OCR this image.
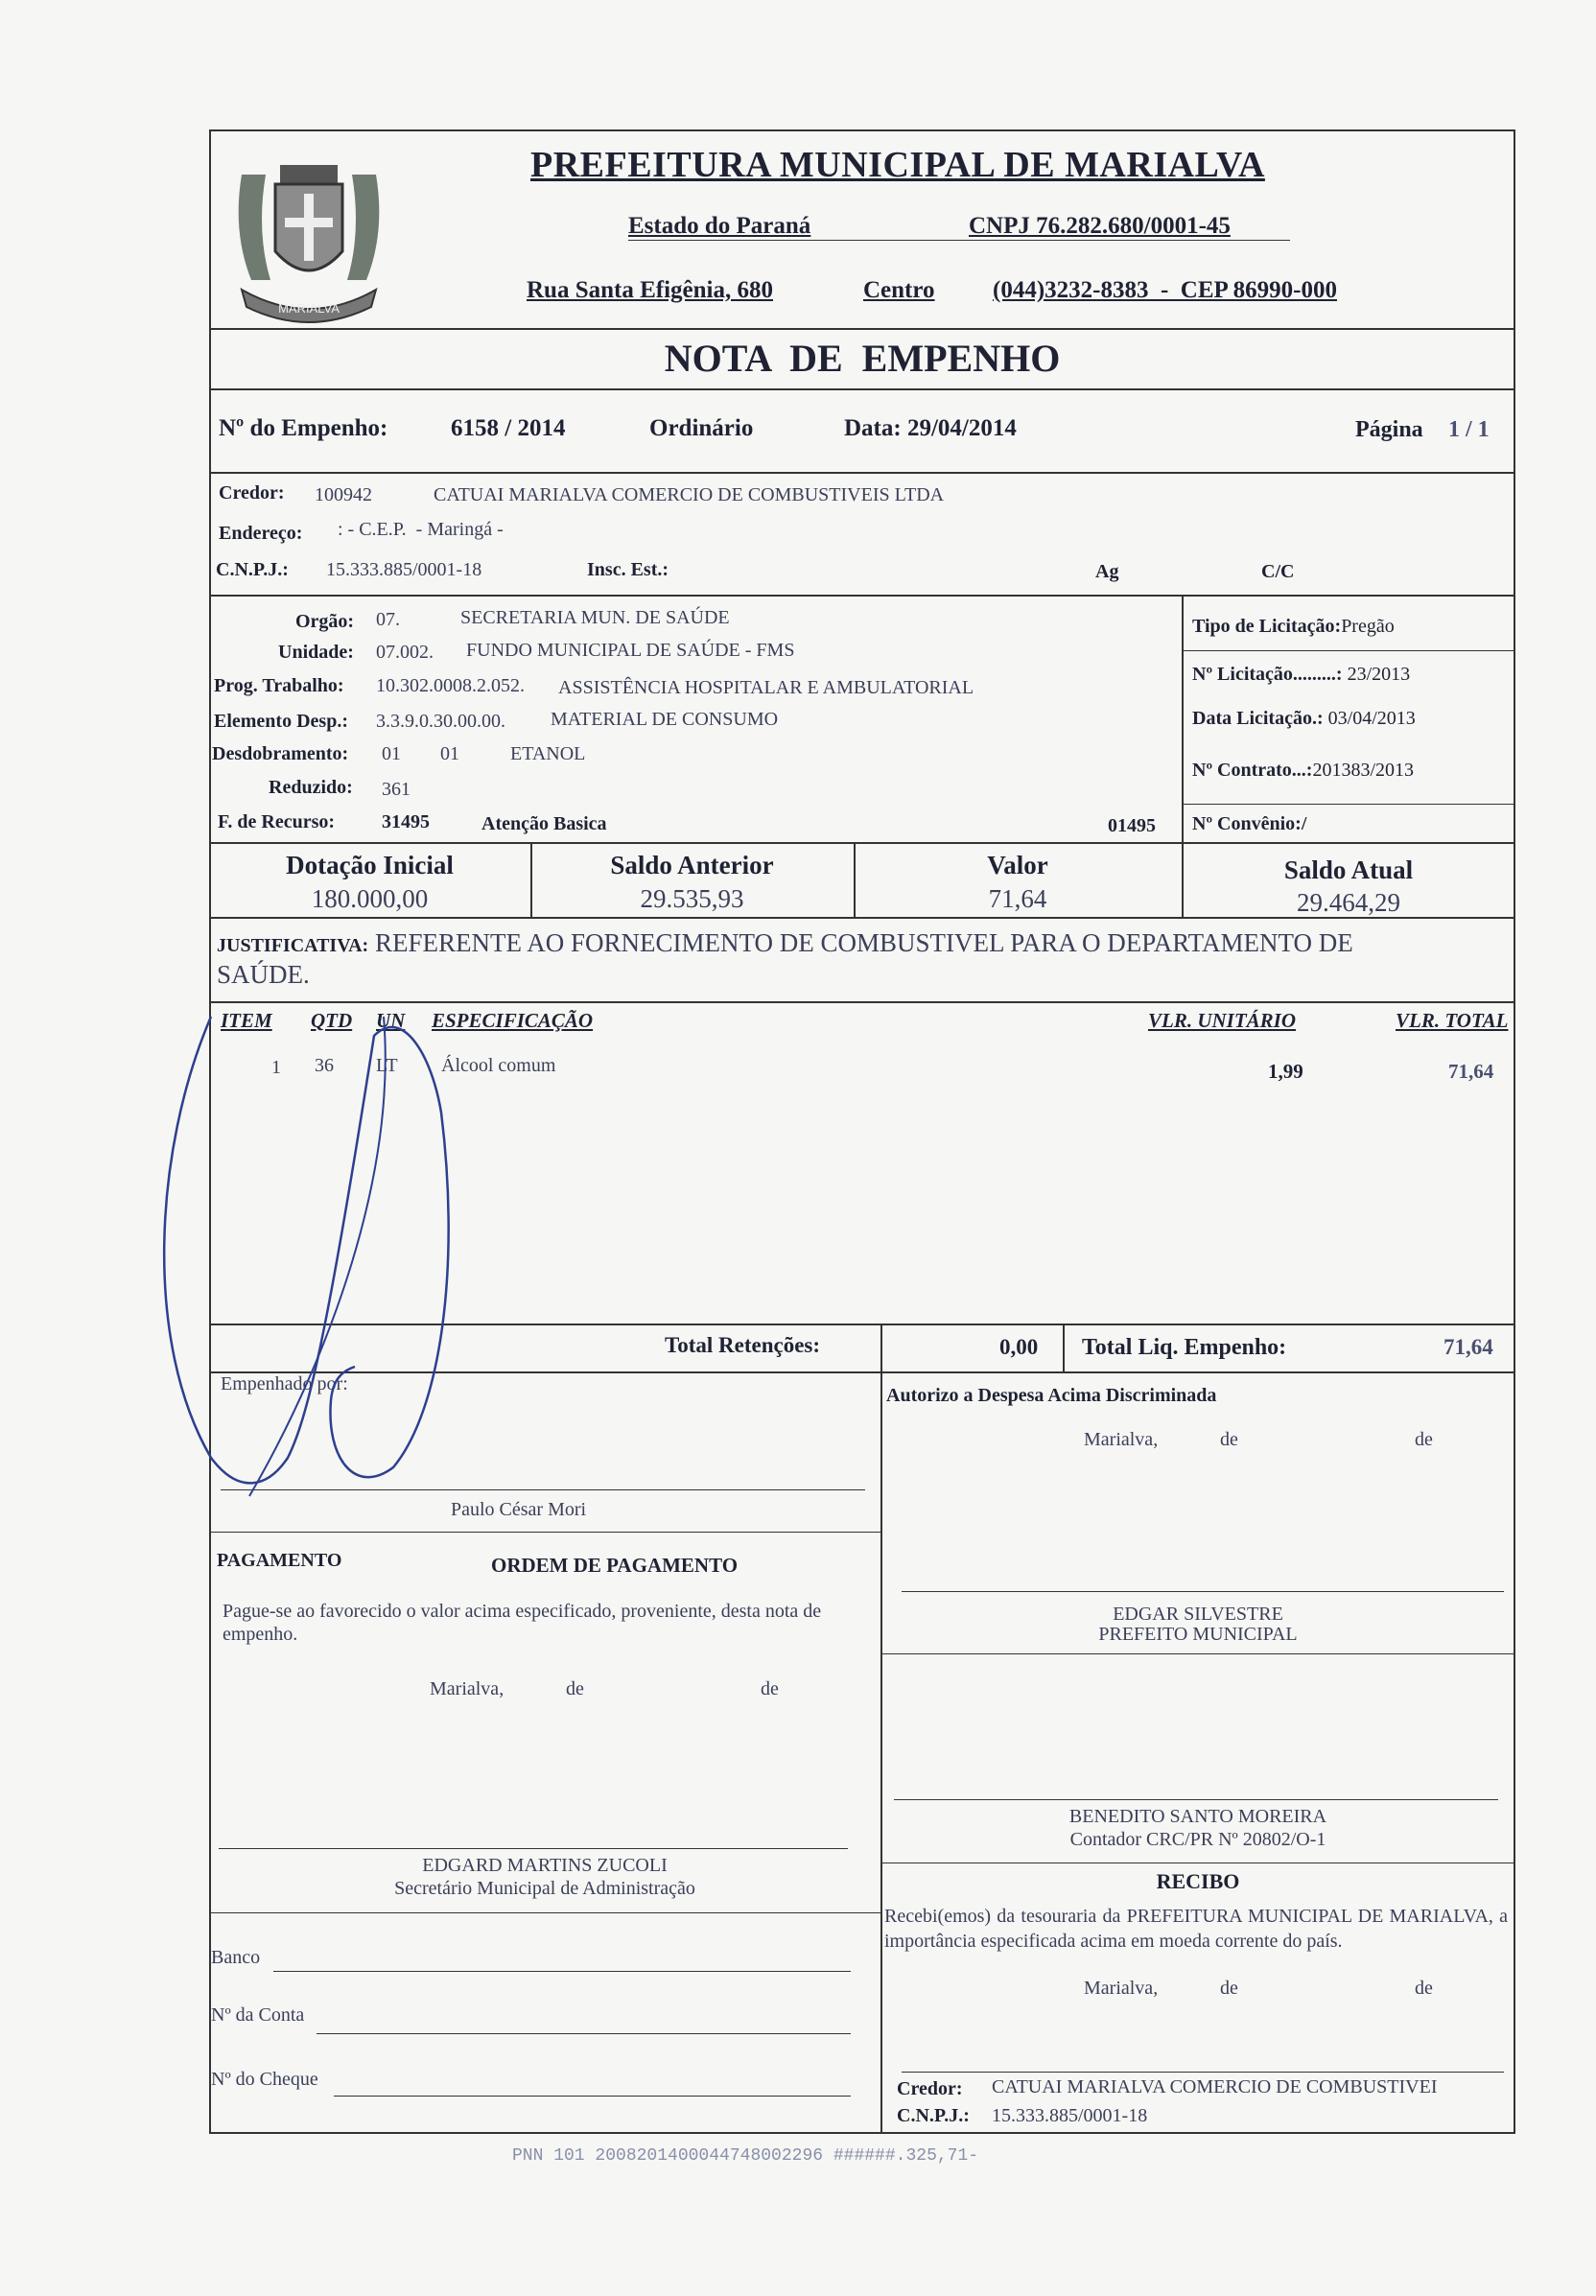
MARIALVA
PREFEITURA MUNICIPAL DE MARIALVA
Estado do Paraná	CNPJ 76.282.680/0001-45
Rua Santa Efigênia, 680	Centro (044)3232-8383  -  CEP 86990-000
NOTA  DE  EMPENHO
Nº do Empenho:	6158 / 2014	Ordinário	Data: 29/04/2014	Página 1 / 1
Credor: 100942	CATUAI MARIALVA COMERCIO DE COMBUSTIVEIS LTDA
Endereço: : - C.E.P.  - Maringá -
C.N.P.J.: 15.333.885/0001-18	Insc. Est.:	Ag	C/C
Orgão: 07.	SECRETARIA MUN. DE SAÚDE
Unidade: 07.002. FUNDO MUNICIPAL DE SAÚDE - FMS
Prog. Trabalho: 10.302.0008.2.052. ASSISTÊNCIA HOSPITALAR E AMBULATORIAL
Elemento Desp.: 3.3.9.0.30.00.00. MATERIAL DE CONSUMO
Desdobramento: 01 01	ETANOL
Reduzido: 361
F. de Recurso: 31495	Atenção Basica	01495
Tipo de Licitação:Pregão
Nº Licitação.........: 23/2013
Data Licitação.: 03/04/2013
Nº Contrato...:201383/2013
Nº Convênio:/
Dotação Inicial
180.000,00
Saldo Anterior
29.535,93
Valor
71,64
Saldo Atual
29.464,29
JUSTIFICATIVA: REFERENTE AO FORNECIMENTO DE COMBUSTIVEL PARA O DEPARTAMENTO DE
SAÚDE.
ITEM QTD UN ESPECIFICAÇÃO	VLR. UNITÁRIO	VLR. TOTAL
1 36 LT Álcool comum	1,99	71,64
Total Retenções:	0,00 Total Liq. Empenho:	71,64
Empenhado por:
Paulo César Mori
Autorizo a Despesa Acima Discriminada
Marialva,	de	de
EDGAR SILVESTRE
PREFEITO MUNICIPAL
BENEDITO SANTO MOREIRA
Contador CRC/PR Nº 20802/O-1
PAGAMENTO	ORDEM DE PAGAMENTO
Pague-se ao favorecido o valor acima especificado, proveniente, desta nota de empenho.
Marialva,	de	de
EDGARD MARTINS ZUCOLI
Secretário Municipal de Administração
Banco
Nº da Conta
Nº do Cheque
RECIBO
Recebi(emos) da tesouraria da PREFEITURA MUNICIPAL DE MARIALVA, a importância especificada acima em moeda corrente do país.
Marialva,	de	de
Credor: CATUAI MARIALVA COMERCIO DE COMBUSTIVEI
C.N.P.J.: 15.333.885/0001-18
PNN 101 2008201400044748002296 ######.325,71-
